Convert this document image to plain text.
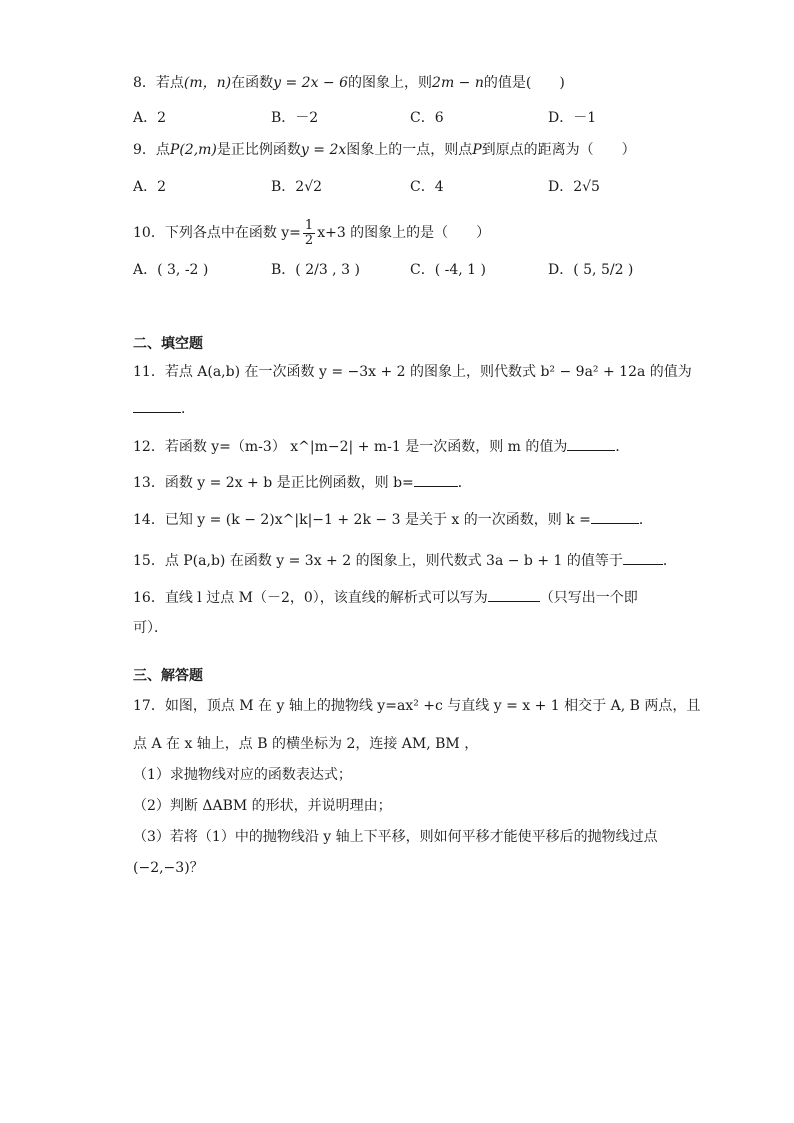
8．若点(m，n)在函数y = 2x − 6的图象上，则2m − n的值是(　　)
A．2	B．－2	C．6	D．－1
9．点P(2,m)是正比例函数y = 2x图象上的一点，则点P到原点的距离为（　　）
A．2	B．2√2	C．4	D．2√5
10．下列各点中在函数 $y= \frac{1}{2} x+3$ 的图象上的是（　　）
A．( 3, -2 )	B．( 2/3 , 3 )	C．( -4, 1 )	D．( 5, 5/2 )
二、填空题
11．若点 A(a,b) 在一次函数 y = −3x + 2 的图象上，则代数式 b² − 9a² + 12a 的值为
．
12．若函数 y=（m-3） x^|m−2| + m-1 是一次函数，则 m 的值为	．
13．函数 y = 2x + b 是正比例函数，则 b=	．
14．已知 y = (k − 2)x^|k|−1 + 2k − 3 是关于 x 的一次函数，则 k =	．
15．点 P(a,b) 在函数 y = 3x + 2 的图象上，则代数式 3a − b + 1 的值等于	．
16．直线 l 过点 M（－2，0），该直线的解析式可以写为	（只写出一个即
可）．
三、解答题
17．如图，顶点 M 在 y 轴上的抛物线 y=ax² +c 与直线 y = x + 1 相交于 A, B 两点，且
点 A 在 x 轴上，点 B 的横坐标为 2，连接 AM, BM ，
（1）求抛物线对应的函数表达式；
（2）判断 ΔABM 的形状，并说明理由；
（3）若将（1）中的抛物线沿 y 轴上下平移，则如何平移才能使平移后的抛物线过点
(−2,−3)？
